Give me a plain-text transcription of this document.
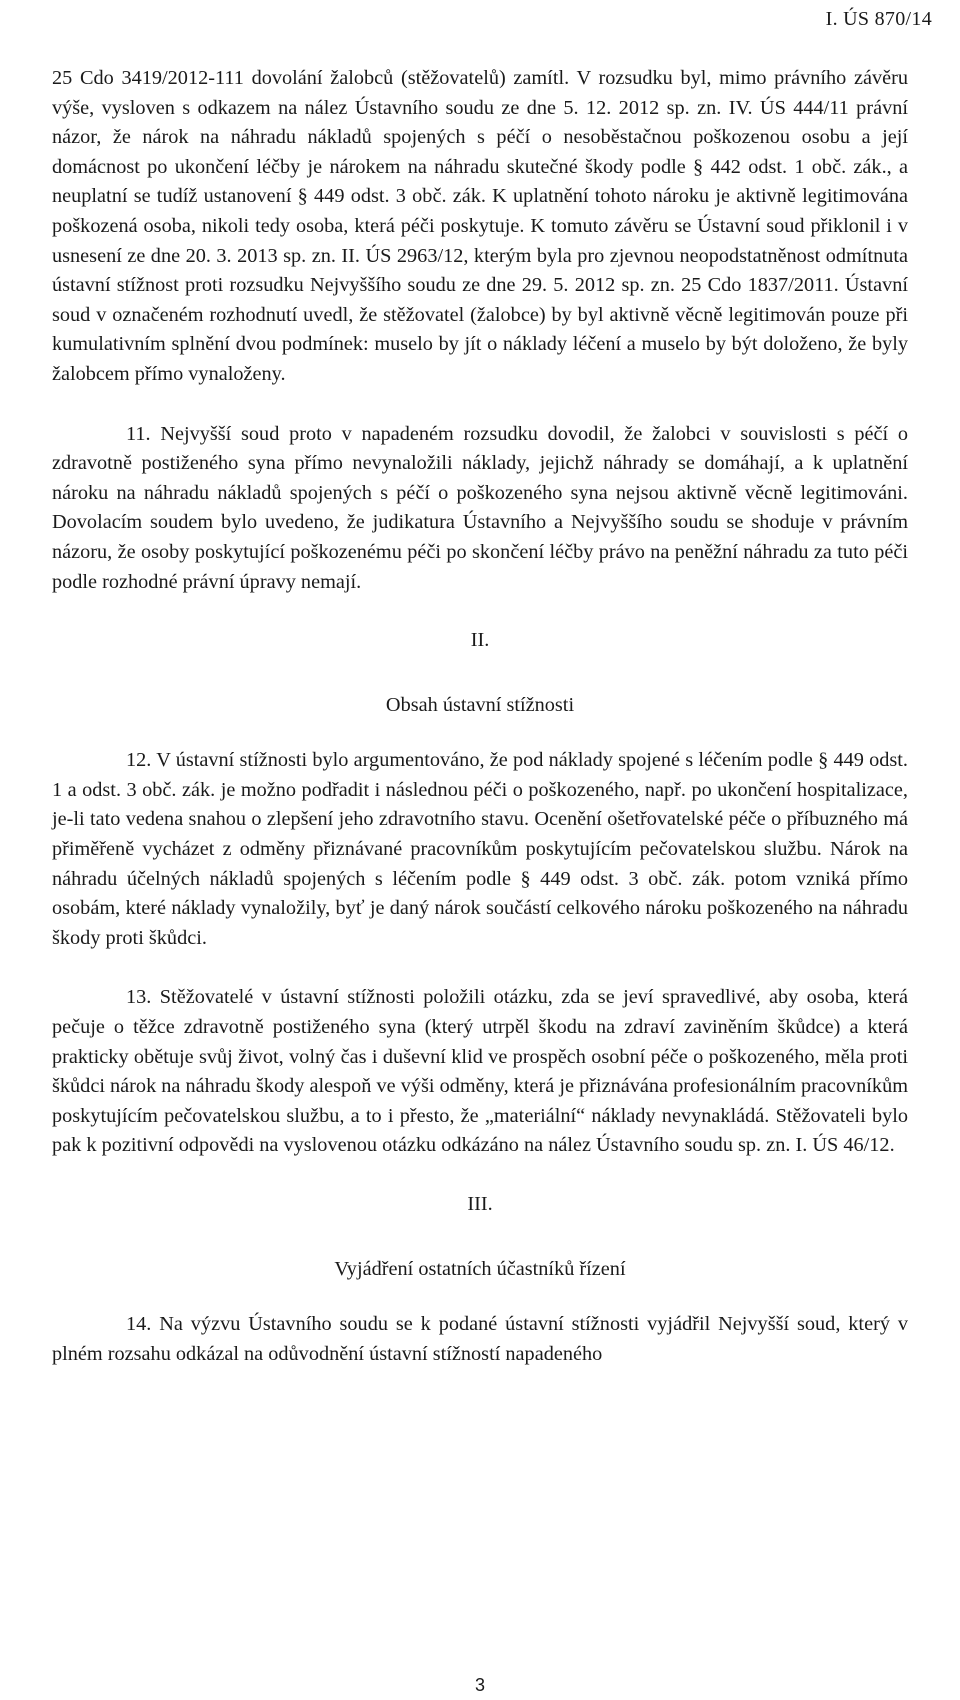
I. ÚS 870/14

25 Cdo 3419/2012-111 dovolání žalobců (stěžovatelů) zamítl. V rozsudku byl, mimo právního závěru výše, vysloven s odkazem na nález Ústavního soudu ze dne 5. 12. 2012 sp. zn. IV. ÚS 444/11 právní názor, že nárok na náhradu nákladů spojených s péčí o nesoběstačnou poškozenou osobu a její domácnost po ukončení léčby je nárokem na náhradu skutečné škody podle § 442 odst. 1 obč. zák., a neuplatní se tudíž ustanovení § 449 odst. 3 obč. zák. K uplatnění tohoto nároku je aktivně legitimována poškozená osoba, nikoli tedy osoba, která péči poskytuje. K tomuto závěru se Ústavní soud přiklonil i v usnesení ze dne 20. 3. 2013 sp. zn. II. ÚS 2963/12, kterým byla pro zjevnou neopodstatněnost odmítnuta ústavní stížnost proti rozsudku Nejvyššího soudu ze dne 29. 5. 2012 sp. zn. 25 Cdo 1837/2011. Ústavní soud v označeném rozhodnutí uvedl, že stěžovatel (žalobce) by byl aktivně věcně legitimován pouze při kumulativním splnění dvou podmínek: muselo by jít o náklady léčení a muselo by být doloženo, že byly žalobcem přímo vynaloženy.

11. Nejvyšší soud proto v napadeném rozsudku dovodil, že žalobci v souvislosti s péčí o zdravotně postiženého syna přímo nevynaložili náklady, jejichž náhrady se domáhají, a k uplatnění nároku na náhradu nákladů spojených s péčí o poškozeného syna nejsou aktivně věcně legitimováni. Dovolacím soudem bylo uvedeno, že judikatura Ústavního a Nejvyššího soudu se shoduje v právním názoru, že osoby poskytující poškozenému péči po skončení léčby právo na peněžní náhradu za tuto péči podle rozhodné právní úpravy nemají.

II.

Obsah ústavní stížnosti

12. V ústavní stížnosti bylo argumentováno, že pod náklady spojené s léčením podle § 449 odst. 1 a odst. 3 obč. zák. je možno podřadit i následnou péči o poškozeného, např. po ukončení hospitalizace, je-li tato vedena snahou o zlepšení jeho zdravotního stavu. Ocenění ošetřovatelské péče o příbuzného má přiměřeně vycházet z odměny přiznávané pracovníkům poskytujícím pečovatelskou službu. Nárok na náhradu účelných nákladů spojených s léčením podle § 449 odst. 3 obč. zák. potom vzniká přímo osobám, které náklady vynaložily, byť je daný nárok součástí celkového nároku poškozeného na náhradu škody proti škůdci.

13. Stěžovatelé v ústavní stížnosti položili otázku, zda se jeví spravedlivé, aby osoba, která pečuje o těžce zdravotně postiženého syna (který utrpěl škodu na zdraví zaviněním škůdce) a která prakticky obětuje svůj život, volný čas i duševní klid ve prospěch osobní péče o poškozeného, měla proti škůdci nárok na náhradu škody alespoň ve výši odměny, která je přiznávána profesionálním pracovníkům poskytujícím pečovatelskou službu, a to i přesto, že „materiální“ náklady nevynakládá. Stěžovateli bylo pak k pozitivní odpovědi na vyslovenou otázku odkázáno na nález Ústavního soudu sp. zn. I. ÚS 46/12.

III.

Vyjádření ostatních účastníků řízení

14. Na výzvu Ústavního soudu se k podané ústavní stížnosti vyjádřil Nejvyšší soud, který v plném rozsahu odkázal na odůvodnění ústavní stížností napadeného

3
